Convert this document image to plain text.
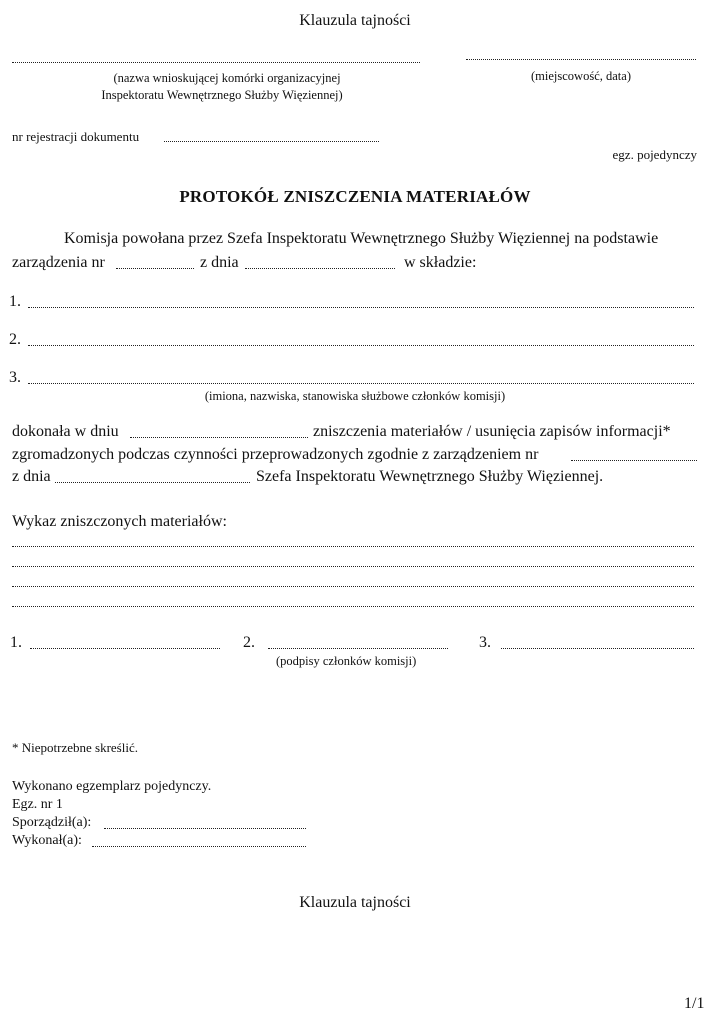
Klauzula tajności
(nazwa wnioskującej komórki organizacyjnej
Inspektoratu Wewnętrznego Służby Więziennej)
(miejscowość, data)
nr rejestracji dokumentu
egz. pojedynczy
PROTOKÓŁ ZNISZCZENIA MATERIAŁÓW
Komisja powołana przez Szefa Inspektoratu Wewnętrznego Służby Więziennej na podstawie
zarządzenia nr	z dnia	w składzie:
1.
2.
3.
(imiona, nazwiska, stanowiska służbowe członków komisji)
dokonała w dniu	zniszczenia materiałów / usunięcia zapisów informacji*
zgromadzonych podczas czynności przeprowadzonych zgodnie z zarządzeniem nr
z dnia	Szefa Inspektoratu Wewnętrznego Służby Więziennej.
Wykaz zniszczonych materiałów:
1.	2.	3.
(podpisy członków komisji)
* Niepotrzebne skreślić.
Wykonano egzemplarz pojedynczy.
Egz. nr 1
Sporządził(a):
Wykonał(a):
Klauzula tajności
1/1
